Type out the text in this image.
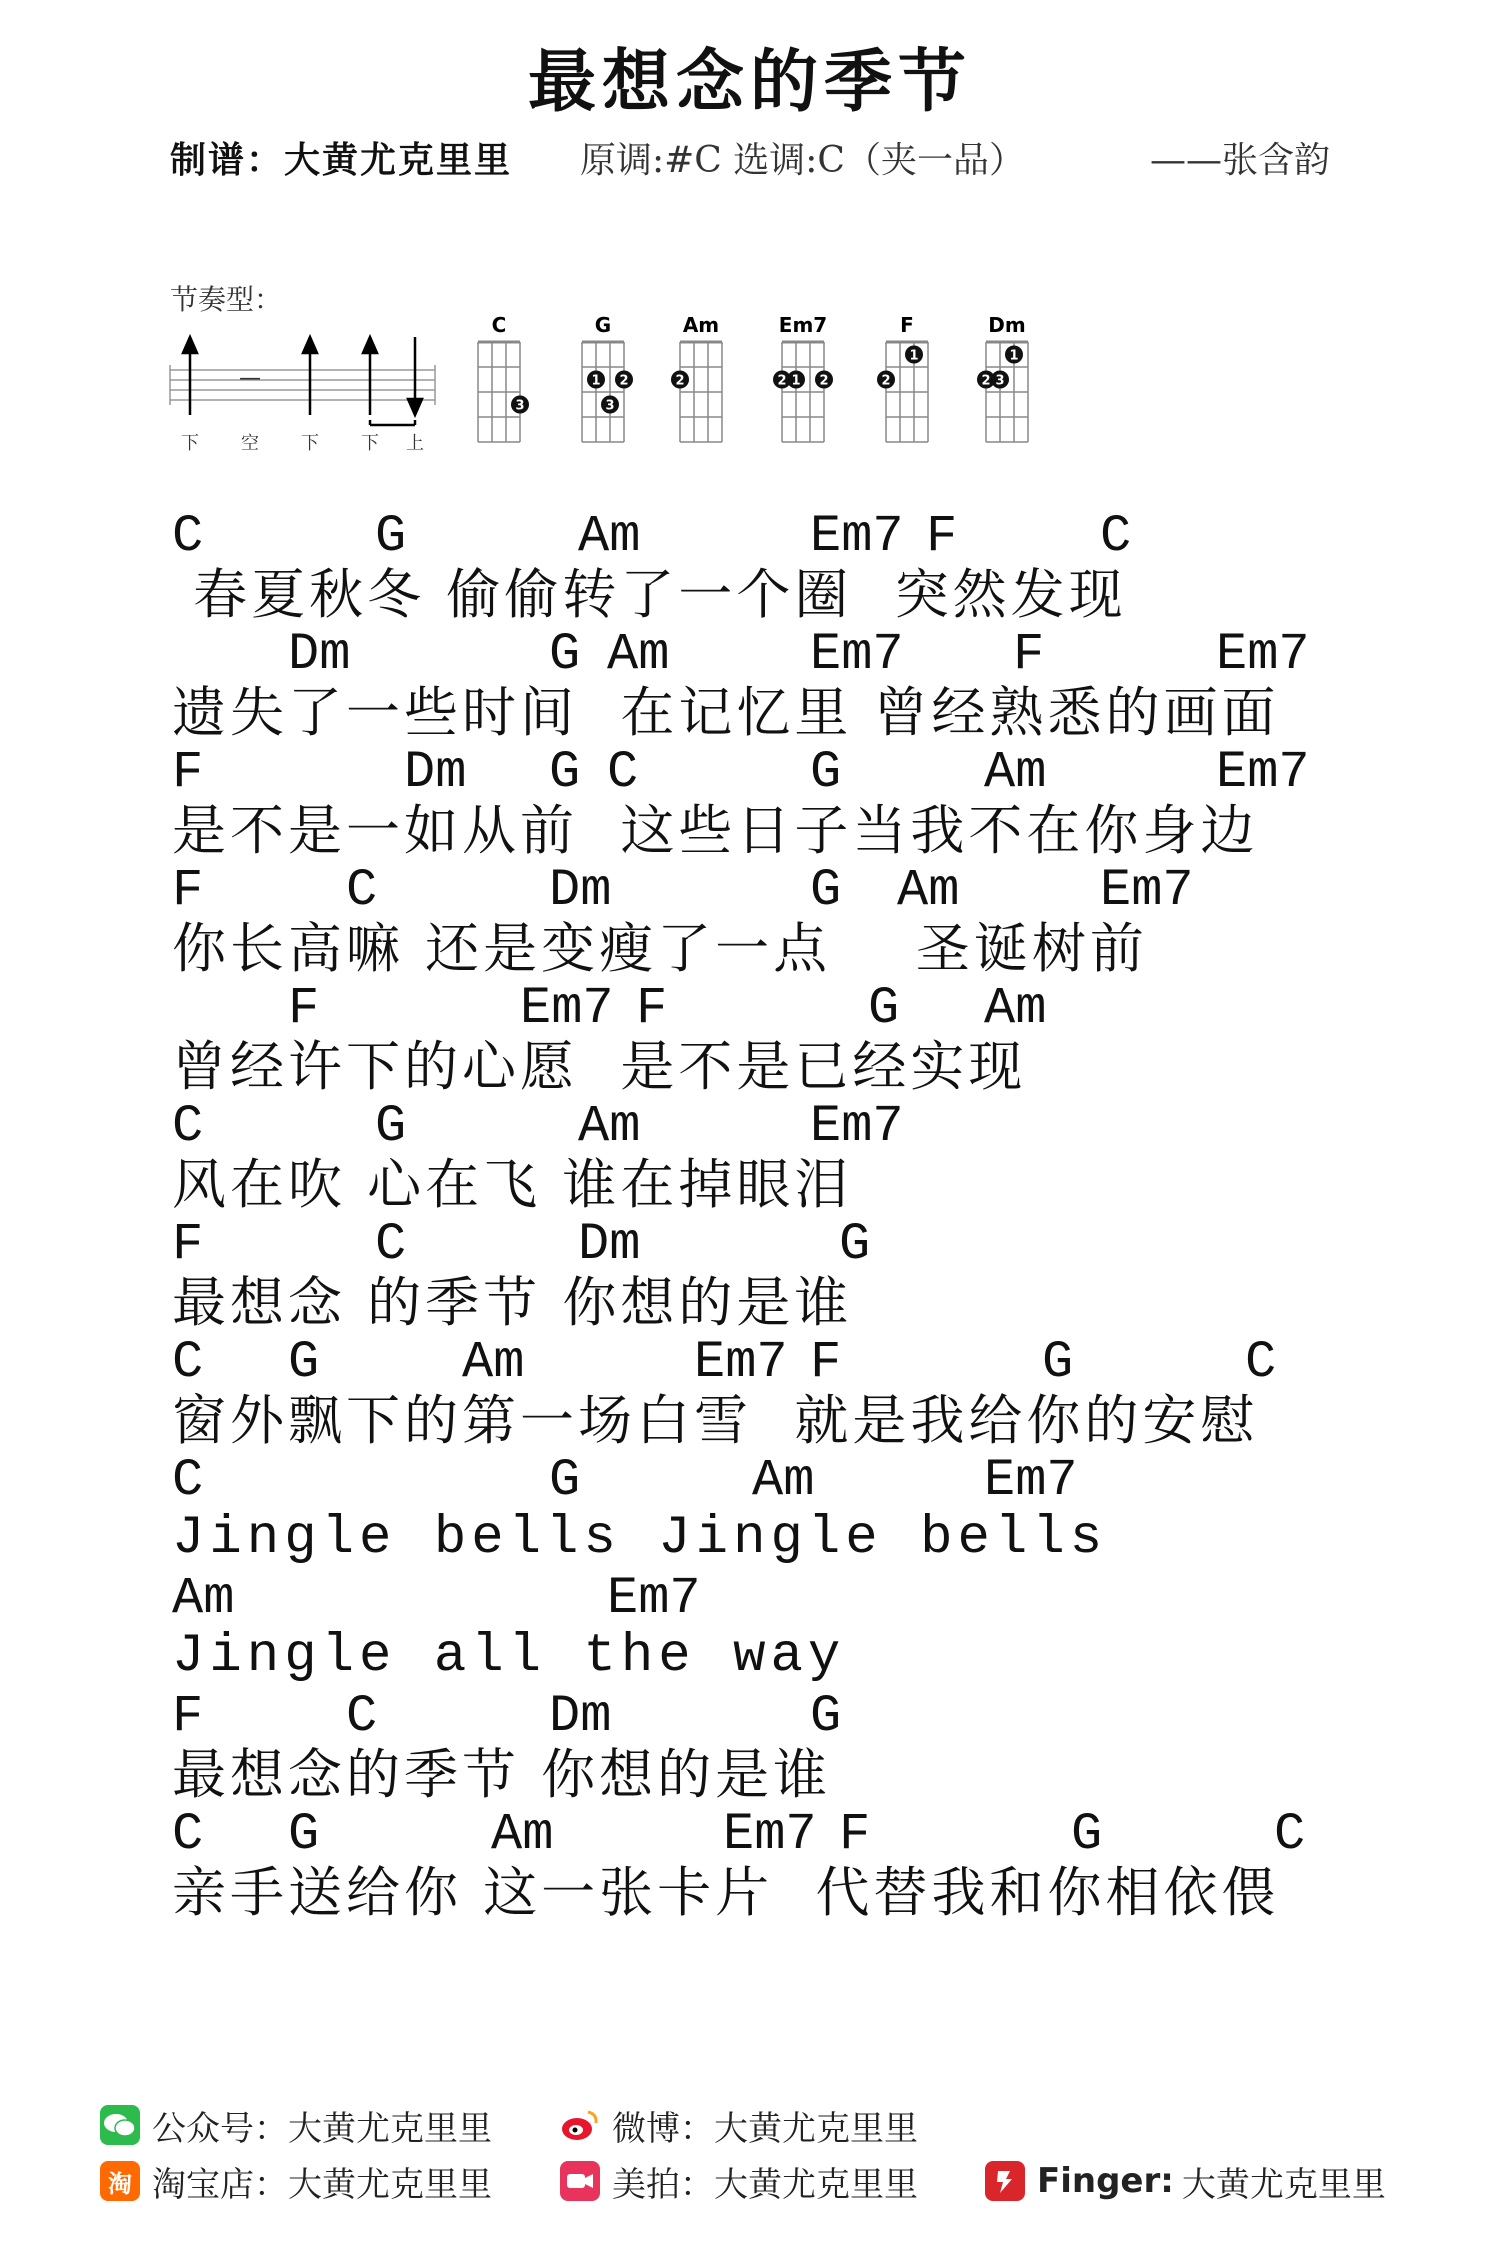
最想念的季节
制谱：大黄尤克里里 原调:#C 选调:C（夹一品）	——张含韵
节奏型：
—
下 空 下 下 上
C
3
G
1 2
3
Am
2
Em7
1 2
2
F
1
2
Dm
1
2 3
C	G	Am	Em7 F	C
春夏秋冬 偷偷转了一个圈  突然发现
Dm	G Am	Em7 F	Em7
遗失了一些时间  在记忆里 曾经熟悉的画面
F	Dm G C	G	Am	Em7
是不是一如从前  这些日子当我不在你身边
F	C	Dm	G Am	Em7
你长高嘛 还是变瘦了一点    圣诞树前
F	Em7 F	G Am
曾经许下的心愿  是不是已经实现
C	G	Am	Em7
风在吹 心在飞 谁在掉眼泪
F	C	Dm	G
最想念 的季节 你想的是谁
C G	Am	Em7 F	G	C
窗外飘下的第一场白雪  就是我给你的安慰
C	G	Am	Em7
Jingle bells Jingle bells
Am	Em7
Jingle all the way
F	C	Dm	G
最想念的季节 你想的是谁
C G	Am	Em7 F	G	C
亲手送给你 这一张卡片  代替我和你相依偎
公众号： 大黄尤克里里	微博： 大黄尤克里里
淘 淘宝店： 大黄尤克里里	美拍： 大黄尤克里里	Finger: 大黄尤克里里
